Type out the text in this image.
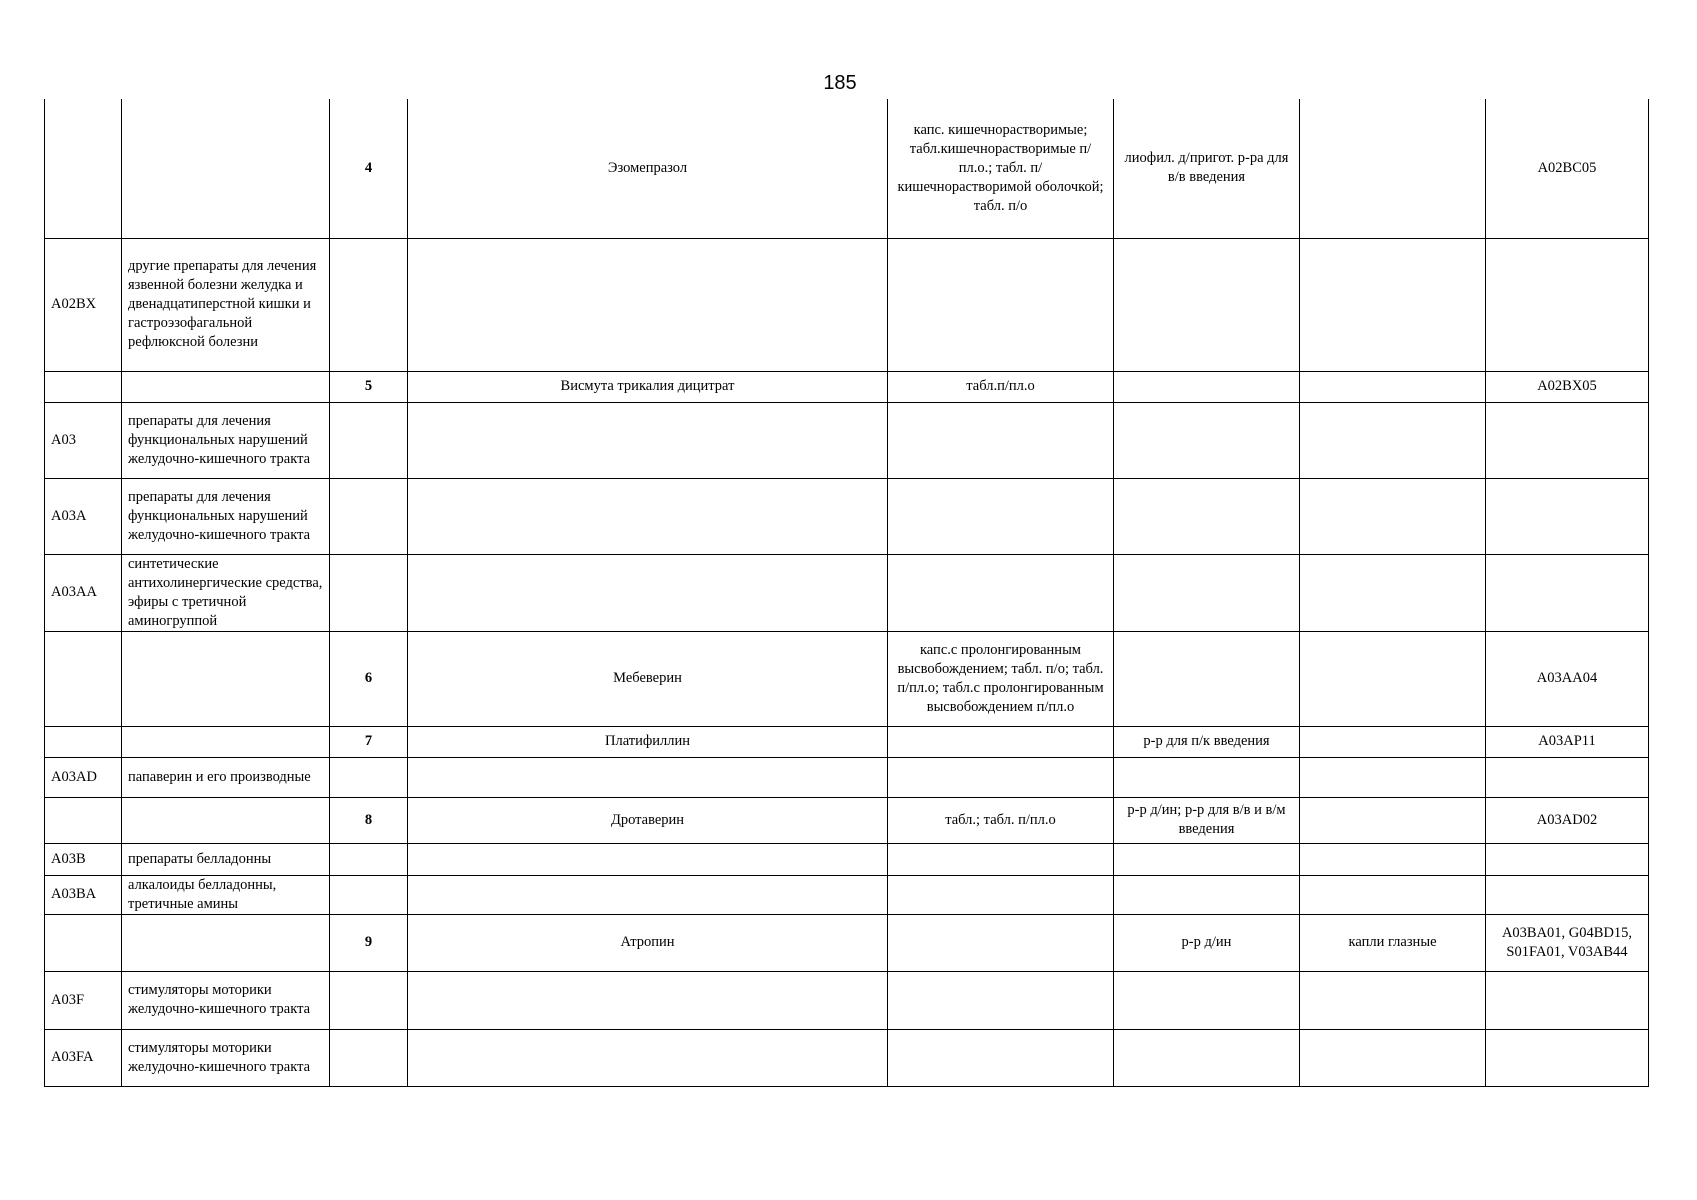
185
		4	Эзомепразол	капс. кишечнорастворимые; табл.кишечнорастворимые п/пл.о.; табл. п/кишечнорастворимой оболочкой; табл. п/о	лиофил. д/пригот. р-ра для в/в введения		A02BC05
A02BX	другие препараты для лечения язвенной болезни желудка и двенадцатиперстной кишки и гастроэзофагальной рефлюксной болезни						
		5	Висмута трикалия дицитрат	табл.п/пл.о			A02BX05
A03	препараты для лечения функциональных нарушений желудочно-кишечного тракта						
A03A	препараты для лечения функциональных нарушений желудочно-кишечного тракта						
A03AA	синтетические антихолинергические средства, эфиры с третичной аминогруппой						
		6	Мебеверин	капс.с пролонгированным высвобождением; табл. п/о; табл. п/пл.о; табл.с пролонгированным высвобождением п/пл.о			A03AA04
		7	Платифиллин		р-р для п/к введения		A03AP11
A03AD	папаверин и его производные						
		8	Дротаверин	табл.; табл. п/пл.о	р-р д/ин; р-р для в/в и в/м введения		A03AD02
A03B	препараты белладонны						
A03BA	алкалоиды белладонны, третичные амины						
		9	Атропин		р-р д/ин	капли глазные	A03BA01, G04BD15, S01FA01, V03AB44
A03F	стимуляторы моторики желудочно-кишечного тракта						
A03FA	стимуляторы моторики желудочно-кишечного тракта						
